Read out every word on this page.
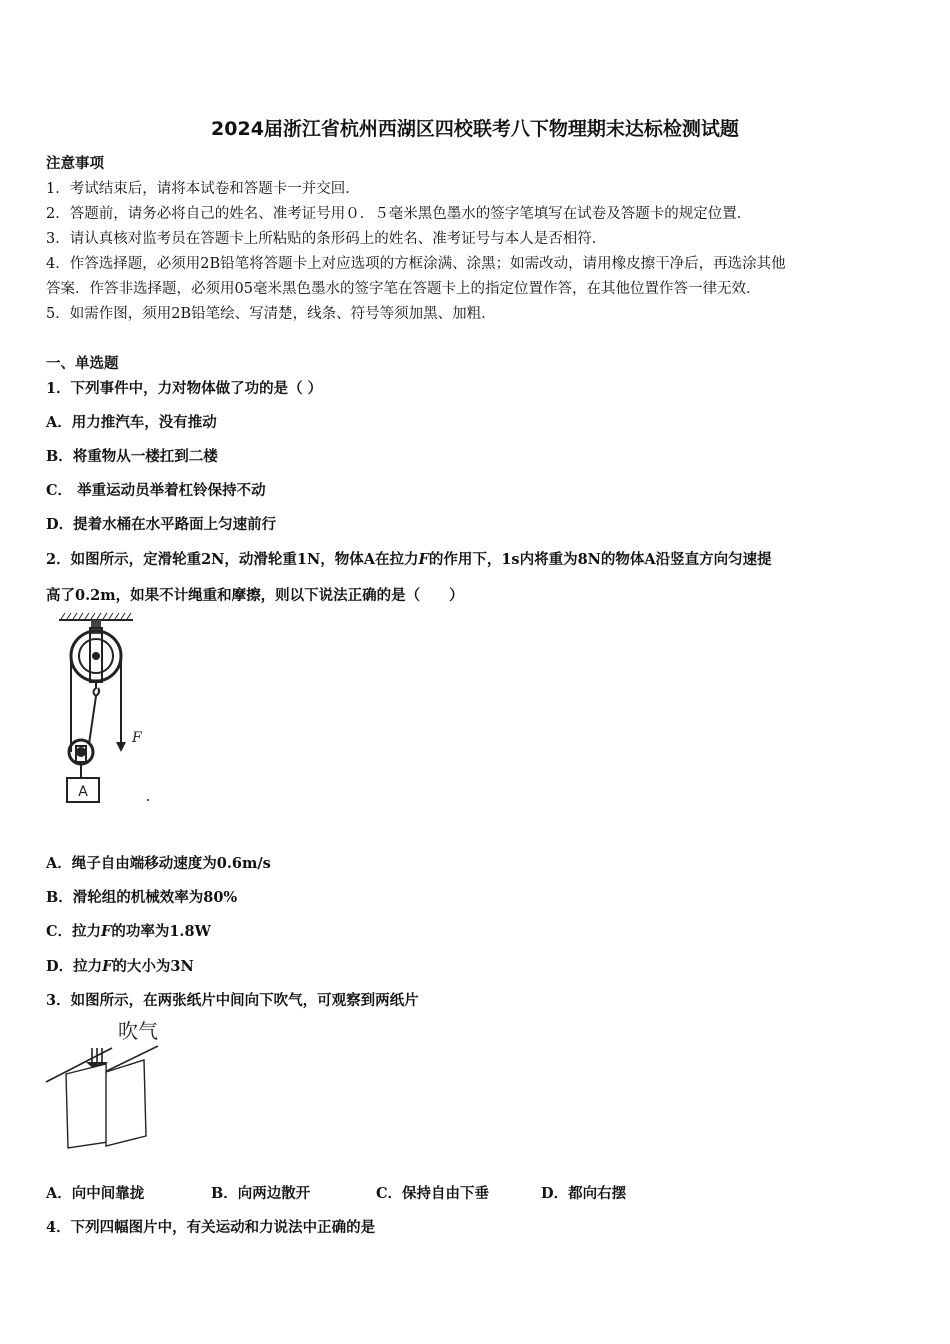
2024届浙江省杭州西湖区四校联考八下物理期末达标检测试题
注意事项
1．考试结束后，请将本试卷和答题卡一并交回．
2．答题前，请务必将自己的姓名、准考证号用０．５毫米黑色墨水的签字笔填写在试卷及答题卡的规定位置．
3．请认真核对监考员在答题卡上所粘贴的条形码上的姓名、准考证号与本人是否相符．
4．作答选择题，必须用2B铅笔将答题卡上对应选项的方框涂满、涂黑；如需改动，请用橡皮擦干净后，再选涂其他
答案．作答非选择题，必须用05毫米黑色墨水的签字笔在答题卡上的指定位置作答，在其他位置作答一律无效．
5．如需作图，须用2B铅笔绘、写清楚，线条、符号等须加黑、加粗．
一、单选题
1．下列事件中，力对物体做了功的是（ ）
A．用力推汽车，没有推动
B．将重物从一楼扛到二楼
C． 举重运动员举着杠铃保持不动
D．提着水桶在水平路面上匀速前行
2．如图所示，定滑轮重2N，动滑轮重1N，物体A在拉力F的作用下，1s内将重为8N的物体A沿竖直方向匀速提
高了0.2m，如果不计绳重和摩擦，则以下说法正确的是（　　）
F
A
A．绳子自由端移动速度为0.6m/s
B．滑轮组的机械效率为80%
C．拉力F的功率为1.8W
D．拉力F的大小为3N
3．如图所示，在两张纸片中间向下吹气，可观察到两纸片
吹气
A．向中间靠拢	B．向两边散开	C．保持自由下垂	D．都向右摆
4．下列四幅图片中，有关运动和力说法中正确的是
